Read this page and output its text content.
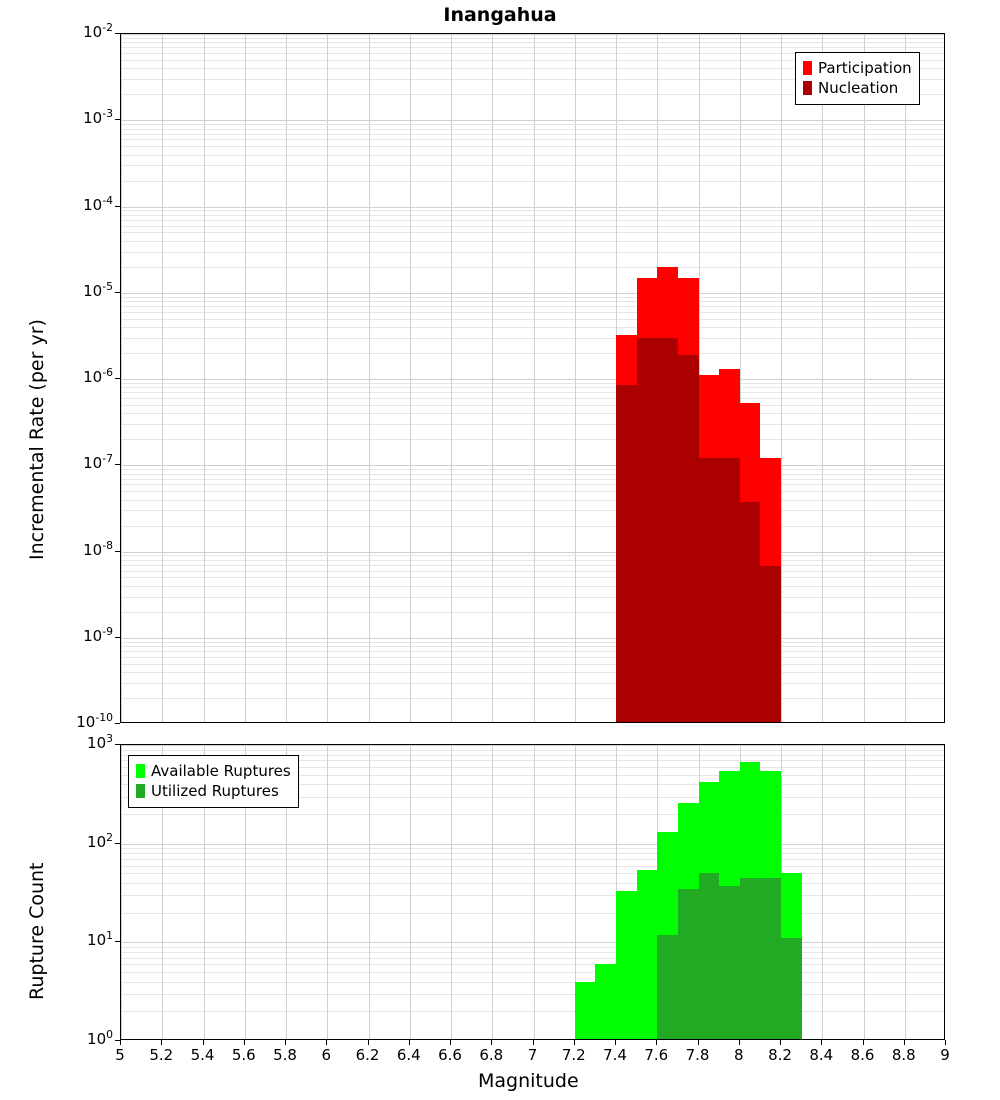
Inangahua
$10^{-10}$
$10^{-9}$
$10^{-8}$
$10^{-7}$
$10^{-6}$
$10^{-5}$
$10^{-4}$
$10^{-3}$
$10^{-2}$
Incremental Rate (per yr)
Participation
Nucleation
$10^0$
$10^1$
$10^2$
$10^3$
Rupture Count
Available Ruptures
Utilized Ruptures
5 5.2 5.4 5.6 5.8 6 6.2 6.4 6.6 6.8 7 7.2 7.4 7.6 7.8 8 8.2 8.4 8.6 8.8 9
Magnitude
